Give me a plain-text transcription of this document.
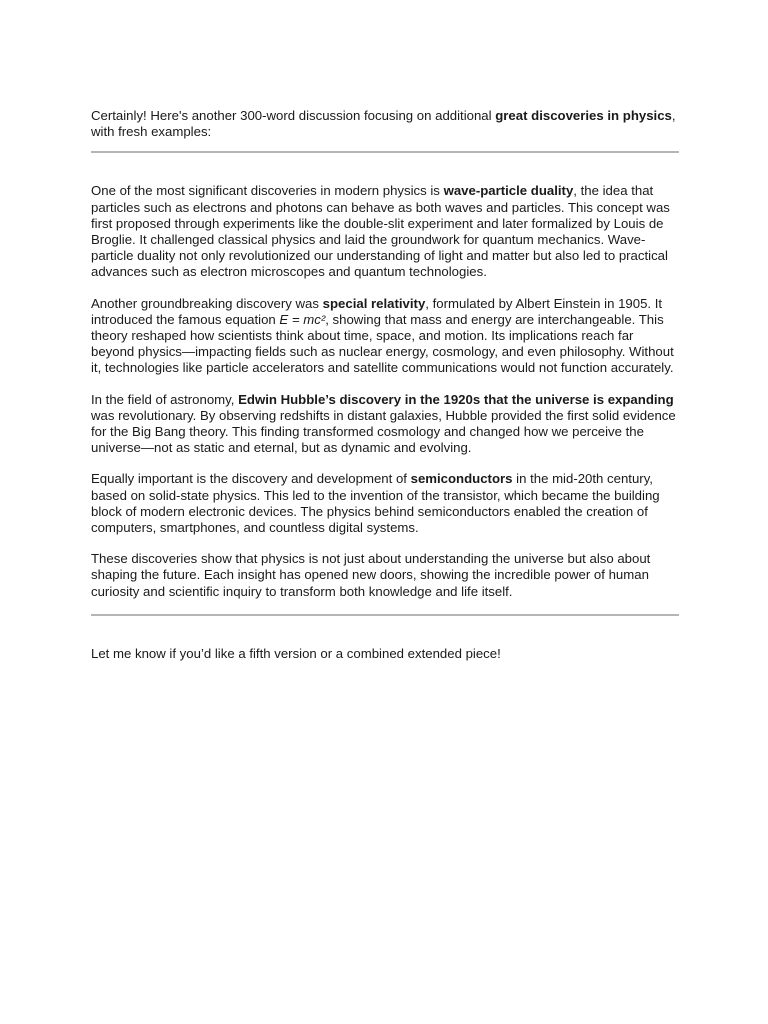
Certainly! Here's another 300-word discussion focusing on additional great discoveries in physics, with fresh examples:

One of the most significant discoveries in modern physics is wave-particle duality, the idea that particles such as electrons and photons can behave as both waves and particles. This concept was first proposed through experiments like the double-slit experiment and later formalized by Louis de Broglie. It challenged classical physics and laid the groundwork for quantum mechanics. Wave-particle duality not only revolutionized our understanding of light and matter but also led to practical advances such as electron microscopes and quantum technologies.

Another groundbreaking discovery was special relativity, formulated by Albert Einstein in 1905. It introduced the famous equation E = mc², showing that mass and energy are interchangeable. This theory reshaped how scientists think about time, space, and motion. Its implications reach far beyond physics—impacting fields such as nuclear energy, cosmology, and even philosophy. Without it, technologies like particle accelerators and satellite communications would not function accurately.

In the field of astronomy, Edwin Hubble’s discovery in the 1920s that the universe is expanding was revolutionary. By observing redshifts in distant galaxies, Hubble provided the first solid evidence for the Big Bang theory. This finding transformed cosmology and changed how we perceive the universe—not as static and eternal, but as dynamic and evolving.

Equally important is the discovery and development of semiconductors in the mid-20th century, based on solid-state physics. This led to the invention of the transistor, which became the building block of modern electronic devices. The physics behind semiconductors enabled the creation of computers, smartphones, and countless digital systems.

These discoveries show that physics is not just about understanding the universe but also about shaping the future. Each insight has opened new doors, showing the incredible power of human curiosity and scientific inquiry to transform both knowledge and life itself.

Let me know if you’d like a fifth version or a combined extended piece!
